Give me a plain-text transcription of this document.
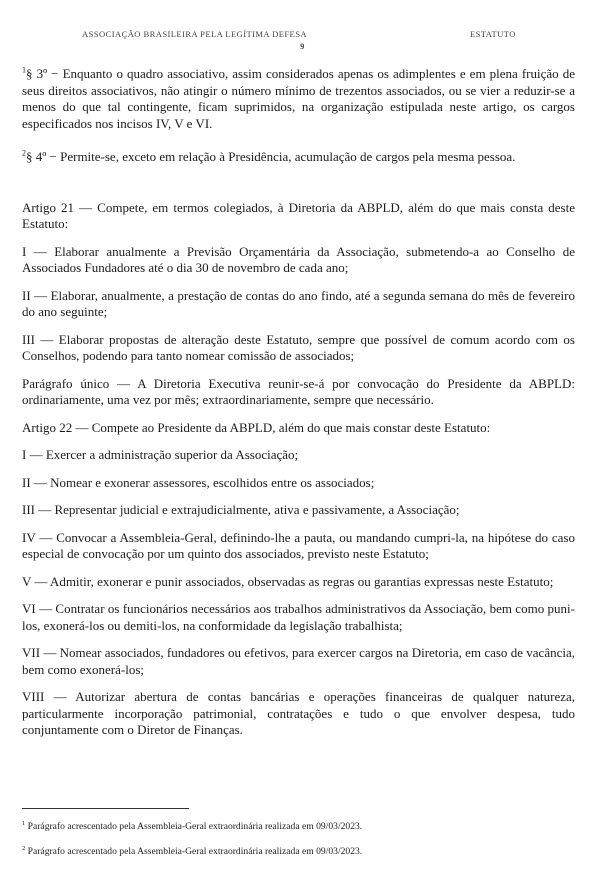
ASSOCIAÇÃO BRASILEIRA PELA LEGÍTIMA DEFESA	ESTATUTO
9

$^1$§ 3º − Enquanto o quadro associativo, assim considerados apenas os adimplentes e em plena fruição de seus direitos associativos, não atingir o número mínimo de trezentos associados, ou se vier a reduzir-se a menos do que tal contingente, ficam suprimidos, na organização estipulada neste artigo, os cargos especificados nos incisos IV, V e VI.

$^2$§ 4º − Permite-se, exceto em relação à Presidência, acumulação de cargos pela mesma pessoa.

Artigo 21 — Compete, em termos colegiados, à Diretoria da ABPLD, além do que mais consta deste Estatuto:

I — Elaborar anualmente a Previsão Orçamentária da Associação, submetendo-a ao Conselho de Associados Fundadores até o dia 30 de novembro de cada ano;

II — Elaborar, anualmente, a prestação de contas do ano findo, até a segunda semana do mês de fevereiro do ano seguinte;

III — Elaborar propostas de alteração deste Estatuto, sempre que possível de comum acordo com os Conselhos, podendo para tanto nomear comissão de associados;

Parágrafo único — A Diretoria Executiva reunir-se-á por convocação do Presidente da ABPLD: ordinariamente, uma vez por mês; extraordinariamente, sempre que necessário.

Artigo 22 — Compete ao Presidente da ABPLD, além do que mais constar deste Estatuto:

I — Exercer a administração superior da Associação;

II — Nomear e exonerar assessores, escolhidos entre os associados;

III — Representar judicial e extrajudicialmente, ativa e passivamente, a Associação;

IV — Convocar a Assembleia-Geral, definindo-lhe a pauta, ou mandando cumpri-la, na hipótese do caso especial de convocação por um quinto dos associados, previsto neste Estatuto;

V — Admitir, exonerar e punir associados, observadas as regras ou garantias expressas neste Estatuto;

VI — Contratar os funcionários necessários aos trabalhos administrativos da Associação, bem como puni-los, exonerá-los ou demiti-los, na conformidade da legislação trabalhista;

VII — Nomear associados, fundadores ou efetivos, para exercer cargos na Diretoria, em caso de vacância, bem como exonerá-los;

VIII — Autorizar abertura de contas bancárias e operações financeiras de qualquer natureza, particularmente incorporação patrimonial, contratações e tudo o que envolver despesa, tudo conjuntamente com o Diretor de Finanças.

$^1$ Parágrafo acrescentado pela Assembleia-Geral extraordinária realizada em 09/03/2023.

$^2$ Parágrafo acrescentado pela Assembleia-Geral extraordinária realizada em 09/03/2023.
